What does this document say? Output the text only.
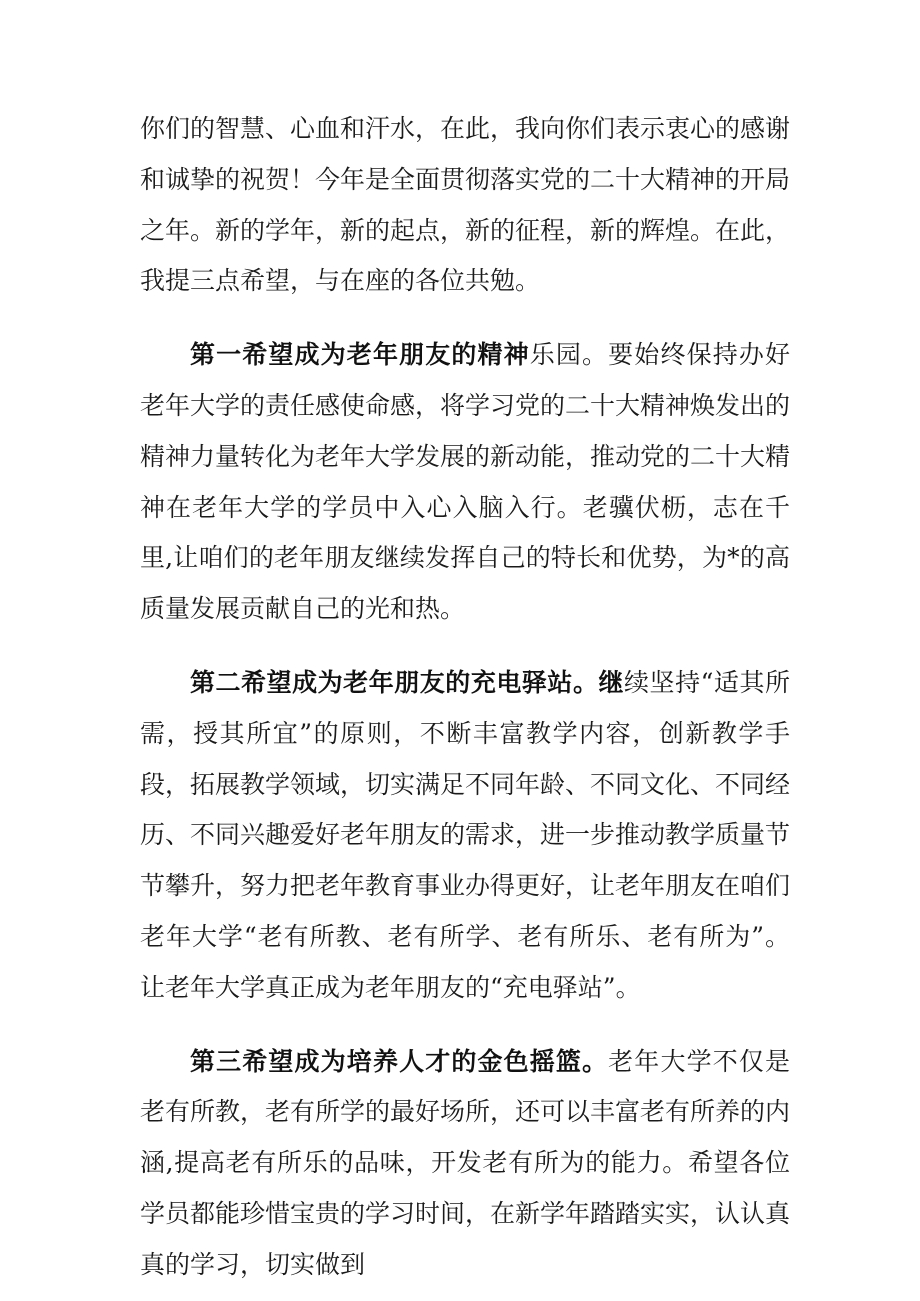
你们的智慧、心血和汗水，在此，我向你们表示衷心的感谢和诚挚的祝贺！今年是全面贯彻落实党的二十大精神的开局之年。新的学年，新的起点，新的征程，新的辉煌。在此，我提三点希望，与在座的各位共勉。

第一希望成为老年朋友的精神乐园。要始终保持办好老年大学的责任感使命感，将学习党的二十大精神焕发出的精神力量转化为老年大学发展的新动能，推动党的二十大精神在老年大学的学员中入心入脑入行。老骥伏枥，志在千里,让咱们的老年朋友继续发挥自己的特长和优势，为*的高质量发展贡献自己的光和热。

第二希望成为老年朋友的充电驿站。继续坚持“适其所需，授其所宜”的原则，不断丰富教学内容，创新教学手段，拓展教学领域，切实满足不同年龄、不同文化、不同经历、不同兴趣爱好老年朋友的需求，进一步推动教学质量节节攀升，努力把老年教育事业办得更好，让老年朋友在咱们老年大学“老有所教、老有所学、老有所乐、老有所为”。让老年大学真正成为老年朋友的“充电驿站”。

第三希望成为培养人才的金色摇篮。老年大学不仅是老有所教，老有所学的最好场所，还可以丰富老有所养的内涵,提高老有所乐的品味，开发老有所为的能力。希望各位学员都能珍惜宝贵的学习时间，在新学年踏踏实实，认认真真的学习，切实做到
